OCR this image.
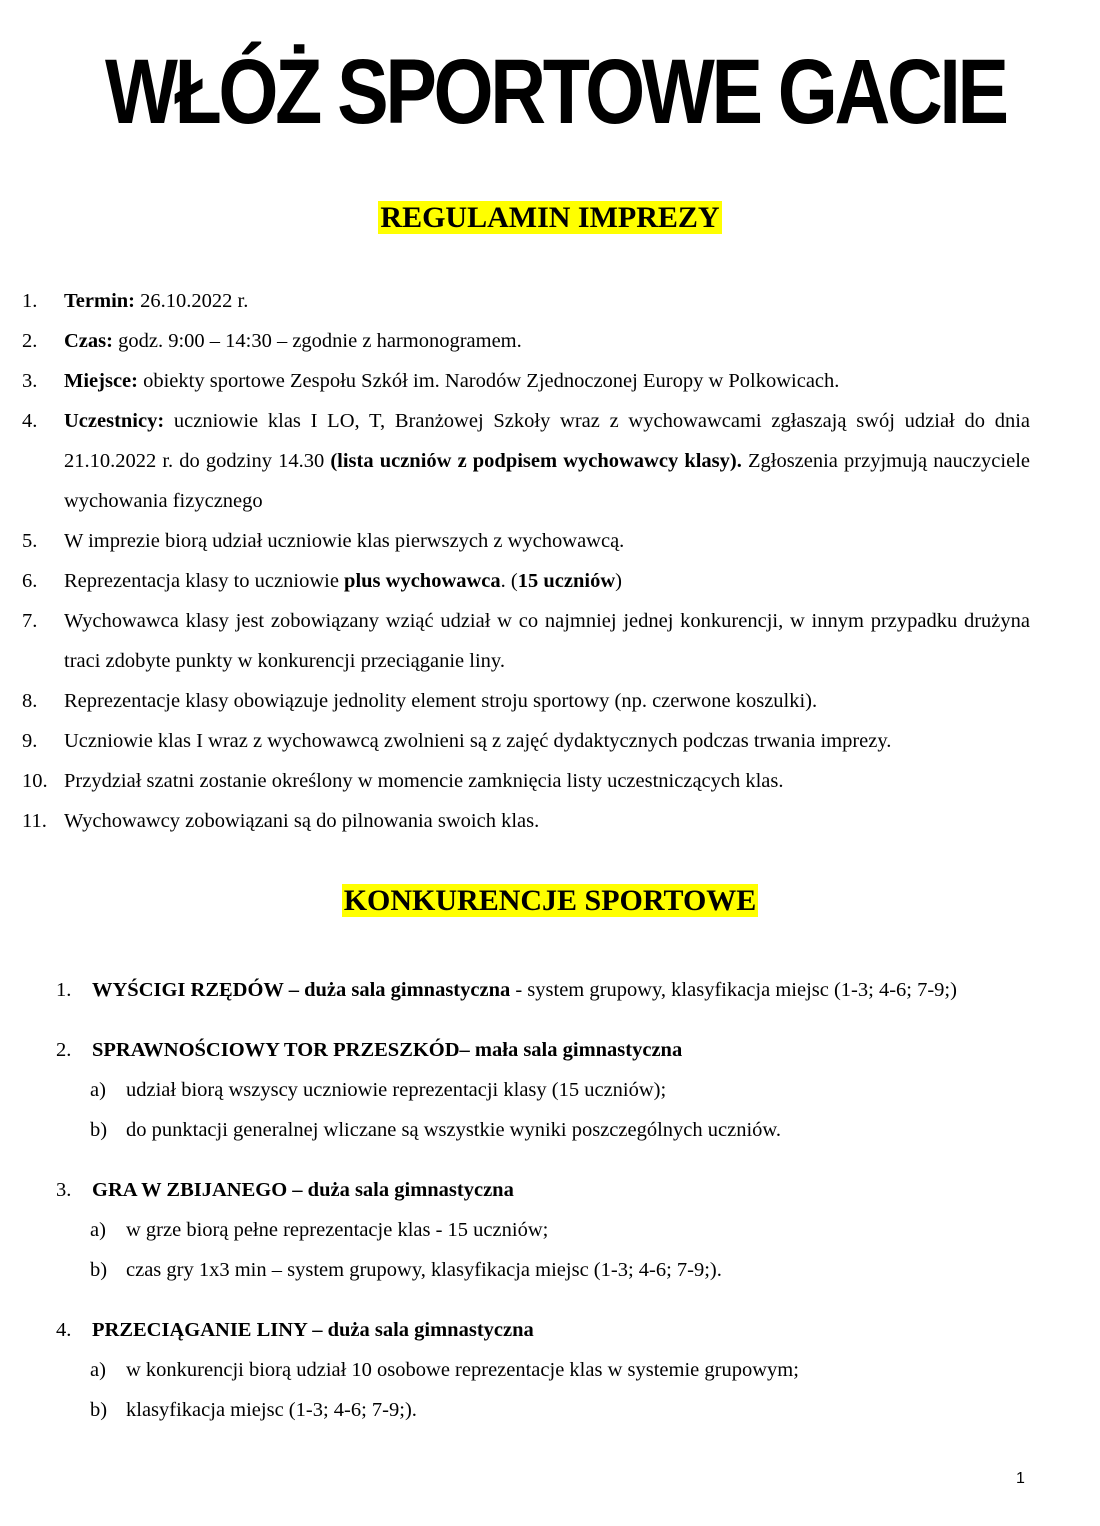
WŁÓŻ SPORTOWE GACIE
REGULAMIN IMPREZY
1. Termin: 26.10.2022 r.
2. Czas: godz. 9:00 – 14:30 – zgodnie z harmonogramem.
3. Miejsce: obiekty sportowe Zespołu Szkół im. Narodów Zjednoczonej Europy w Polkowicach.
4. Uczestnicy: uczniowie klas I LO, T, Branżowej Szkoły wraz z wychowawcami zgłaszają swój udział do dnia 21.10.2022 r. do godziny 14.30 (lista uczniów z podpisem wychowawcy klasy). Zgłoszenia przyjmują nauczyciele wychowania fizycznego
5. W imprezie biorą udział uczniowie klas pierwszych z wychowawcą.
6. Reprezentacja klasy to uczniowie plus wychowawca. (15 uczniów)
7. Wychowawca klasy jest zobowiązany wziąć udział w co najmniej jednej konkurencji, w innym przypadku drużyna traci zdobyte punkty w konkurencji przeciąganie liny.
8. Reprezentacje klasy obowiązuje jednolity element stroju sportowy (np. czerwone koszulki).
9. Uczniowie klas I wraz z wychowawcą zwolnieni są z zajęć dydaktycznych podczas trwania imprezy.
10. Przydział szatni zostanie określony w momencie zamknięcia listy uczestniczących klas.
11. Wychowawcy zobowiązani są do pilnowania swoich klas.
KONKURENCJE SPORTOWE
1. WYŚCIGI RZĘDÓW – duża sala gimnastyczna - system grupowy, klasyfikacja miejsc (1-3; 4-6; 7-9;)
2. SPRAWNOŚCIOWY TOR PRZESZKÓD– mała sala gimnastyczna
a) udział biorą wszyscy uczniowie reprezentacji klasy (15 uczniów);
b) do punktacji generalnej wliczane są wszystkie wyniki poszczególnych uczniów.
3. GRA W ZBIJANEGO – duża sala gimnastyczna
a) w grze biorą pełne reprezentacje klas - 15 uczniów;
b) czas gry 1x3 min – system grupowy, klasyfikacja miejsc (1-3; 4-6; 7-9;).
4. PRZECIĄGANIE LINY – duża sala gimnastyczna
a) w konkurencji biorą udział 10 osobowe reprezentacje klas w systemie grupowym;
b) klasyfikacja miejsc (1-3; 4-6; 7-9;).
1
